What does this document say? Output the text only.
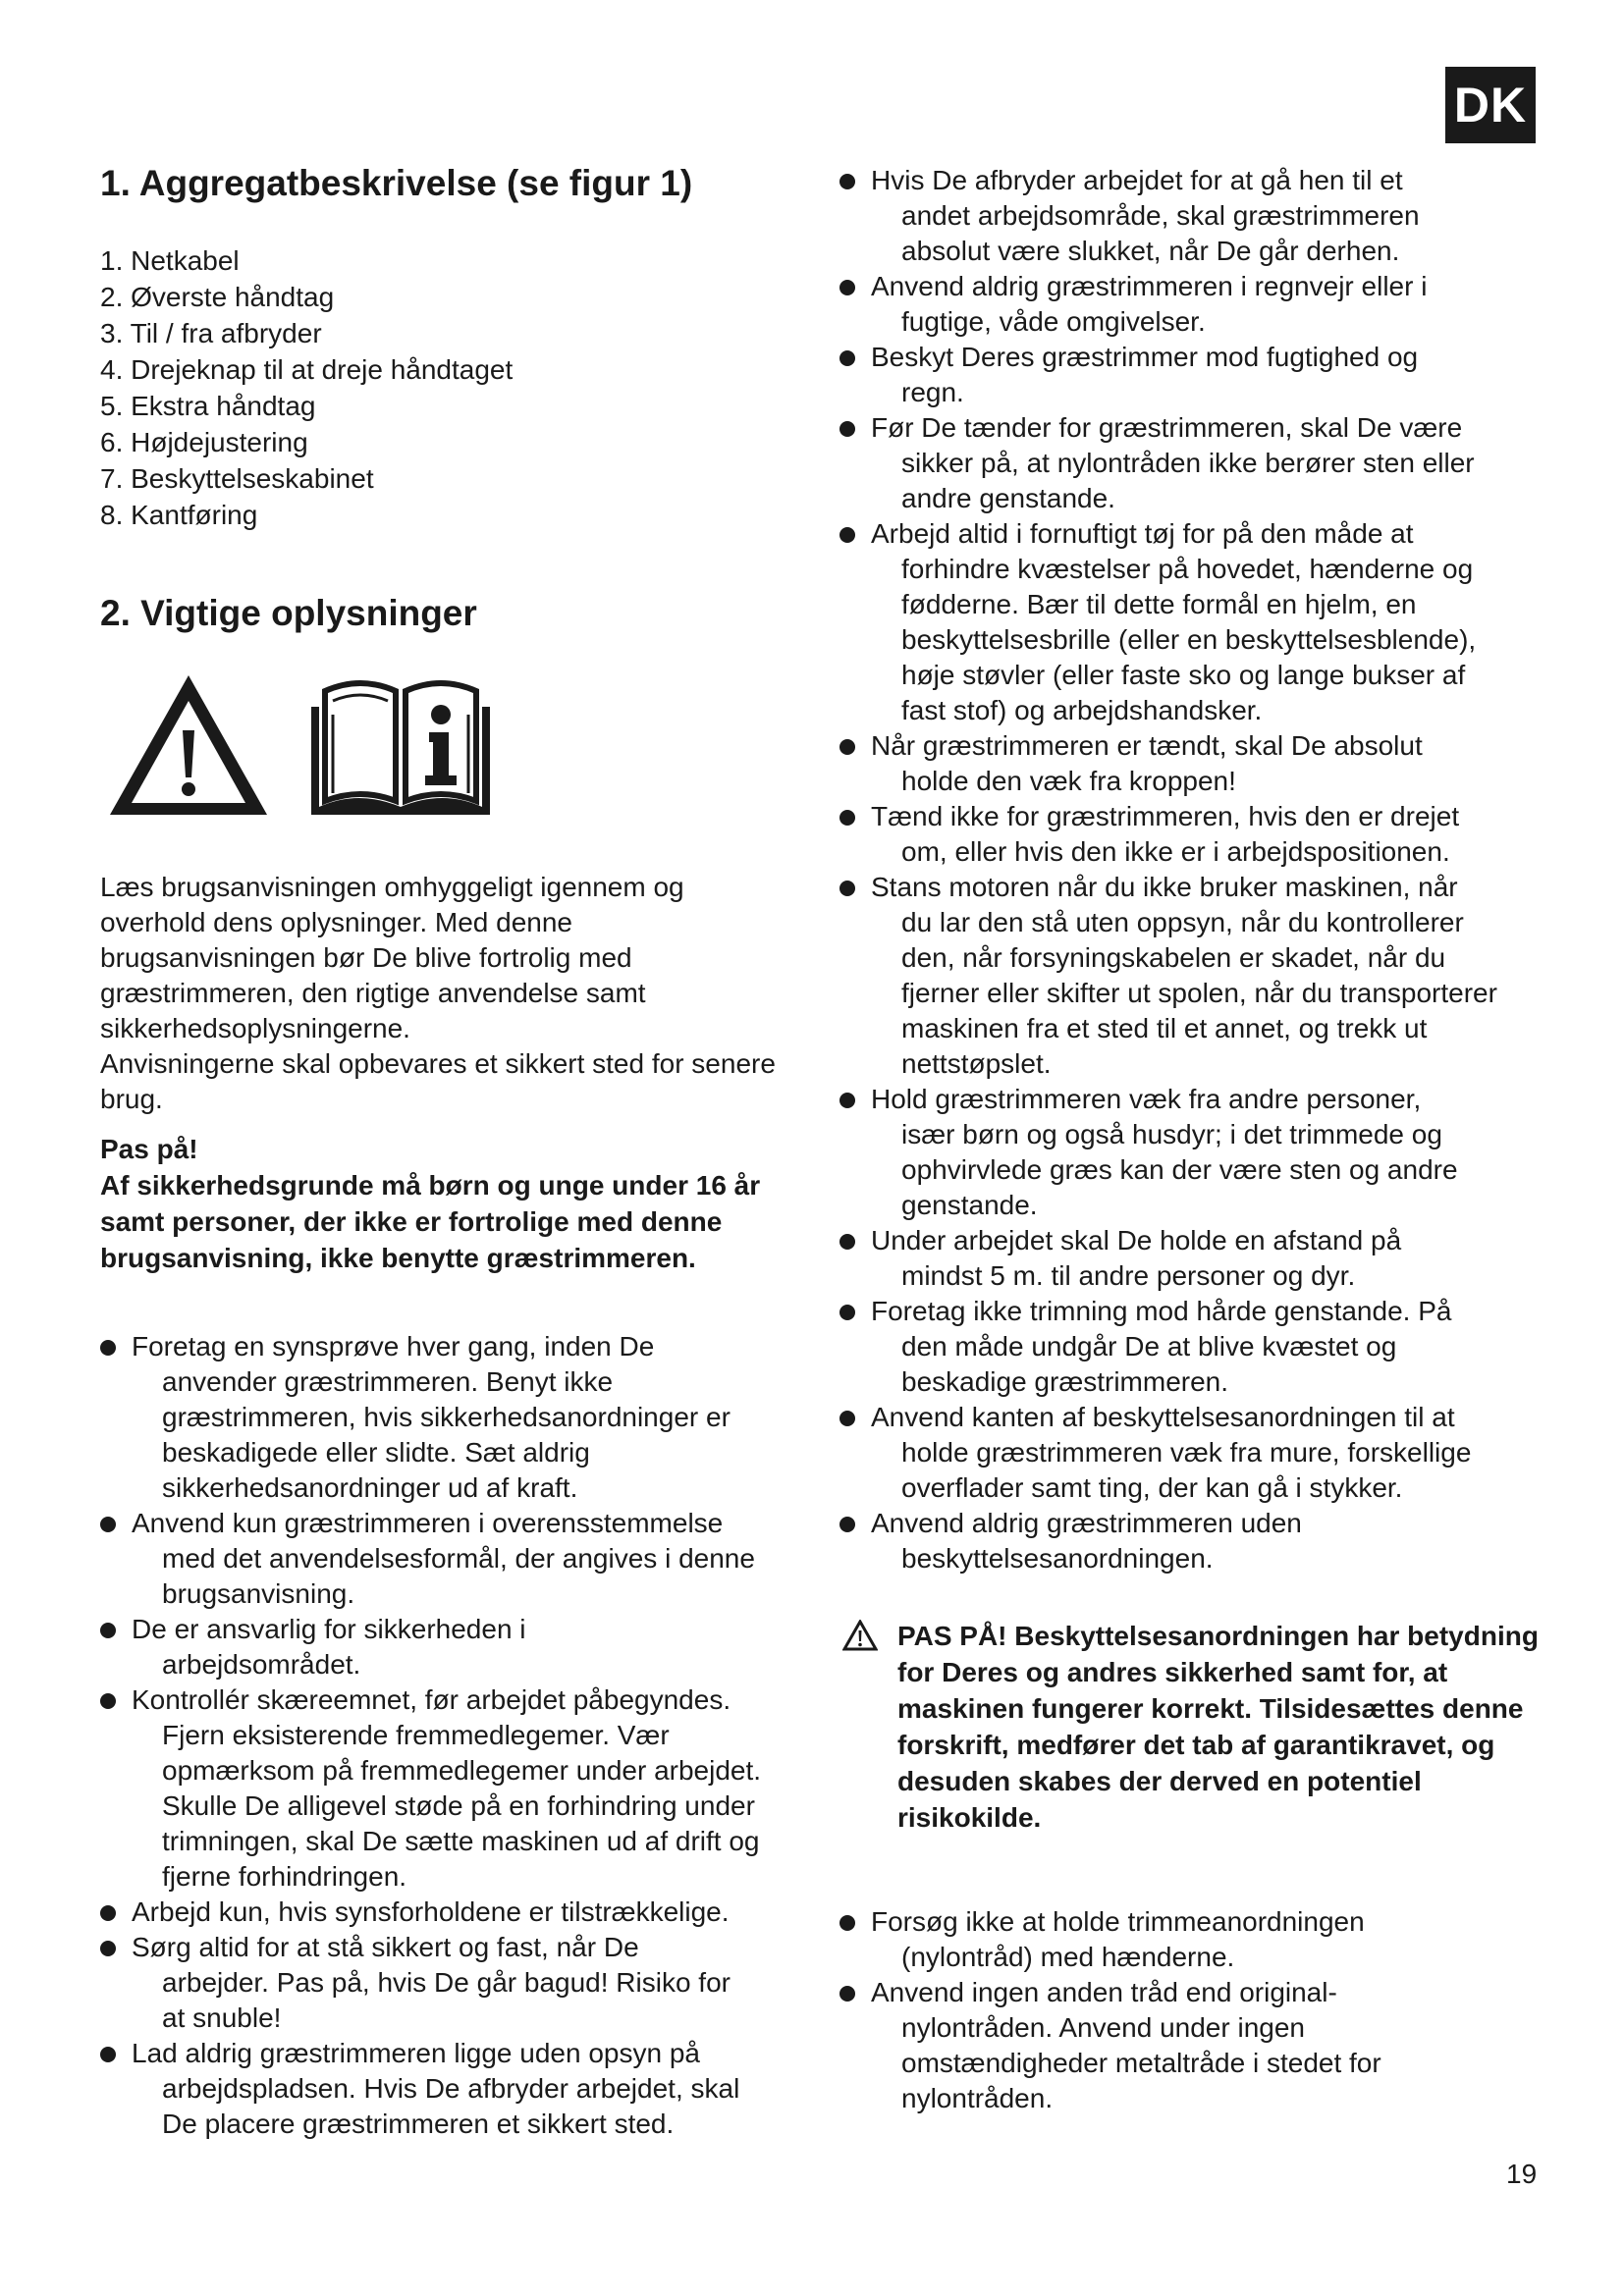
DK
1. Aggregatbeskrivelse (se figur 1)
1. Netkabel
2. Øverste håndtag
3. Til / fra afbryder
4. Drejeknap til at dreje håndtaget
5. Ekstra håndtag
6. Højdejustering
7. Beskyttelseskabinet
8. Kantføring
2. Vigtige oplysninger

Læs brugsanvisningen omhyggeligt igennem og overhold dens oplysninger. Med denne brugsanvisningen bør De blive fortrolig med græstrimmeren, den rigtige anvendelse samt sikkerhedsoplysningerne.

Anvisningerne skal opbevares et sikkert sted for senere brug.

Pas på!

Af sikkerhedsgrunde må børn og unge under 16 år samt personer, der ikke er fortrolige med denne brugsanvisning, ikke benytte græstrimmeren.

Foretag en synsprøve hver gang, inden De
anvender græstrimmeren. Benyt ikke
græstrimmeren, hvis sikkerhedsanordninger er
beskadigede eller slidte. Sæt aldrig
sikkerhedsanordninger ud af kraft.
Anvend kun græstrimmeren i overensstemmelse
med det anvendelsesformål, der angives i denne
brugsanvisning.
De er ansvarlig for sikkerheden i
arbejdsområdet.
Kontrollér skæreemnet, før arbejdet påbegyndes.
Fjern eksisterende fremmedlegemer. Vær
opmærksom på fremmedlegemer under arbejdet.
Skulle De alligevel støde på en forhindring under
trimningen, skal De sætte maskinen ud af drift og
fjerne forhindringen.
Arbejd kun, hvis synsforholdene er tilstrækkelige.
Sørg altid for at stå sikkert og fast, når De
arbejder. Pas på, hvis De går bagud! Risiko for
at snuble!
Lad aldrig græstrimmeren ligge uden opsyn på
arbejdspladsen. Hvis De afbryder arbejdet, skal
De placere græstrimmeren et sikkert sted.
Hvis De afbryder arbejdet for at gå hen til et
andet arbejdsområde, skal græstrimmeren
absolut være slukket, når De går derhen.
Anvend aldrig græstrimmeren i regnvejr eller i
fugtige, våde omgivelser.
Beskyt Deres græstrimmer mod fugtighed og
regn.
Før De tænder for græstrimmeren, skal De være
sikker på, at nylontråden ikke berører sten eller
andre genstande.
Arbejd altid i fornuftigt tøj for på den måde at
forhindre kvæstelser på hovedet, hænderne og
fødderne. Bær til dette formål en hjelm, en
beskyttelsesbrille (eller en beskyttelsesblende),
høje støvler (eller faste sko og lange bukser af
fast stof) og arbejdshandsker.
Når græstrimmeren er tændt, skal De absolut
holde den væk fra kroppen!
Tænd ikke for græstrimmeren, hvis den er drejet
om, eller hvis den ikke er i arbejdspositionen.
Stans motoren når du ikke bruker maskinen, når
du lar den stå uten oppsyn, når du kontrollerer
den, når forsyningskabelen er skadet, når du
fjerner eller skifter ut spolen, når du transporterer
maskinen fra et sted til et annet, og trekk ut
nettstøpslet.
Hold græstrimmeren væk fra andre personer,
især børn og også husdyr; i det trimmede og
ophvirvlede græs kan der være sten og andre
genstande.
Under arbejdet skal De holde en afstand på
mindst 5 m. til andre personer og dyr.
Foretag ikke trimning mod hårde genstande. På
den måde undgår De at blive kvæstet og
beskadige græstrimmeren.
Anvend kanten af beskyttelsesanordningen til at
holde græstrimmeren væk fra mure, forskellige
overflader samt ting, der kan gå i stykker.
Anvend aldrig græstrimmeren uden
beskyttelsesanordningen.

PAS PÅ! Beskyttelsesanordningen har betydning for Deres og andres sikkerhed samt for, at maskinen fungerer korrekt. Tilsidesættes denne forskrift, medfører det tab af garantikravet, og desuden skabes der derved en potentiel risikokilde.

Forsøg ikke at holde trimmeanordningen
(nylontråd) med hænderne.
Anvend ingen anden tråd end original-
nylontråden. Anvend under ingen
omstændigheder metaltråde i stedet for
nylontråden.
19
